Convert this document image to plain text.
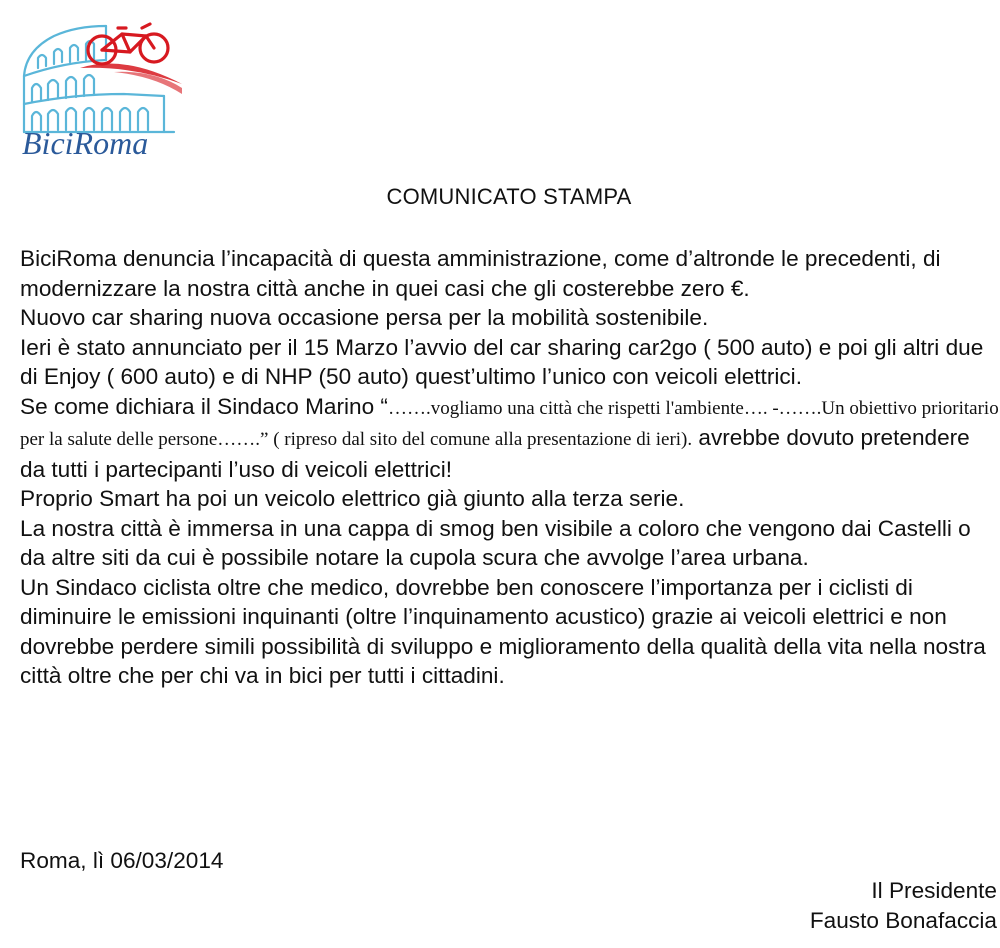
BiciRoma
COMUNICATO STAMPA

BiciRoma denuncia l’incapacità di questa amministrazione, come d’altronde le precedenti, di modernizzare la nostra città anche in quei casi che gli costerebbe zero €.

Nuovo car sharing nuova occasione persa per la mobilità sostenibile.

Ieri è stato annunciato per il 15 Marzo l’avvio del car sharing car2go ( 500 auto) e poi gli altri due di Enjoy ( 600 auto) e di NHP (50 auto) quest’ultimo l’unico con veicoli elettrici.

Se come dichiara il Sindaco Marino “…….vogliamo una città che rispetti l'ambiente…. -…….Un obiettivo prioritario per la salute delle persone…….” ( ripreso dal sito del comune alla presentazione di ieri). avrebbe dovuto pretendere da tutti i partecipanti l’uso di veicoli elettrici!

Proprio Smart ha poi un veicolo elettrico già giunto alla terza serie.

La nostra città è immersa in una cappa di smog ben visibile a coloro che vengono dai Castelli o da altre siti da cui è possibile notare la cupola scura che avvolge l’area urbana.

Un Sindaco ciclista oltre che medico, dovrebbe ben conoscere l’importanza per i ciclisti di diminuire le emissioni inquinanti (oltre l’inquinamento acustico) grazie ai veicoli elettrici e non dovrebbe perdere simili possibilità di sviluppo e miglioramento della qualità della vita nella nostra città oltre che per chi va in bici per tutti i cittadini.

Roma, lì 06/03/2014
Il Presidente
Fausto Bonafaccia
